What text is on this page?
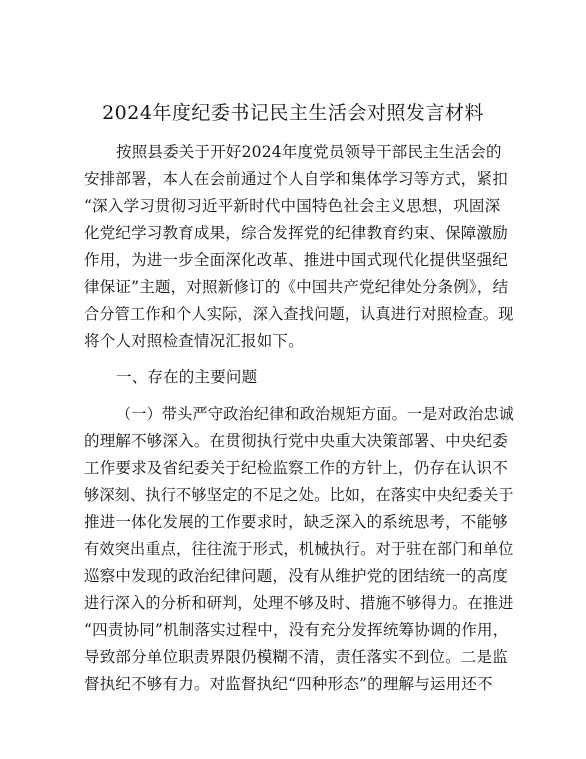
2024年度纪委书记民主生活会对照发言材料
按照县委关于开好2024年度党员领导干部民主生活会的
安排部署，本人在会前通过个人自学和集体学习等方式，紧扣
“深入学习贯彻习近平新时代中国特色社会主义思想，巩固深
化党纪学习教育成果，综合发挥党的纪律教育约束、保障激励
作用，为进一步全面深化改革、推进中国式现代化提供坚强纪
律保证”主题，对照新修订的《中国共产党纪律处分条例》，结
合分管工作和个人实际，深入查找问题，认真进行对照检查。现
将个人对照检查情况汇报如下。
一、存在的主要问题
（一）带头严守政治纪律和政治规矩方面。一是对政治忠诚
的理解不够深入。在贯彻执行党中央重大决策部署、中央纪委
工作要求及省纪委关于纪检监察工作的方针上，仍存在认识不
够深刻、执行不够坚定的不足之处。比如，在落实中央纪委关于
推进一体化发展的工作要求时，缺乏深入的系统思考，不能够
有效突出重点，往往流于形式，机械执行。对于驻在部门和单位
巡察中发现的政治纪律问题，没有从维护党的团结统一的高度
进行深入的分析和研判，处理不够及时、措施不够得力。在推进
“四责协同”机制落实过程中，没有充分发挥统筹协调的作用，
导致部分单位职责界限仍模糊不清，责任落实不到位。二是监
督执纪不够有力。对监督执纪“四种形态”的理解与运用还不
